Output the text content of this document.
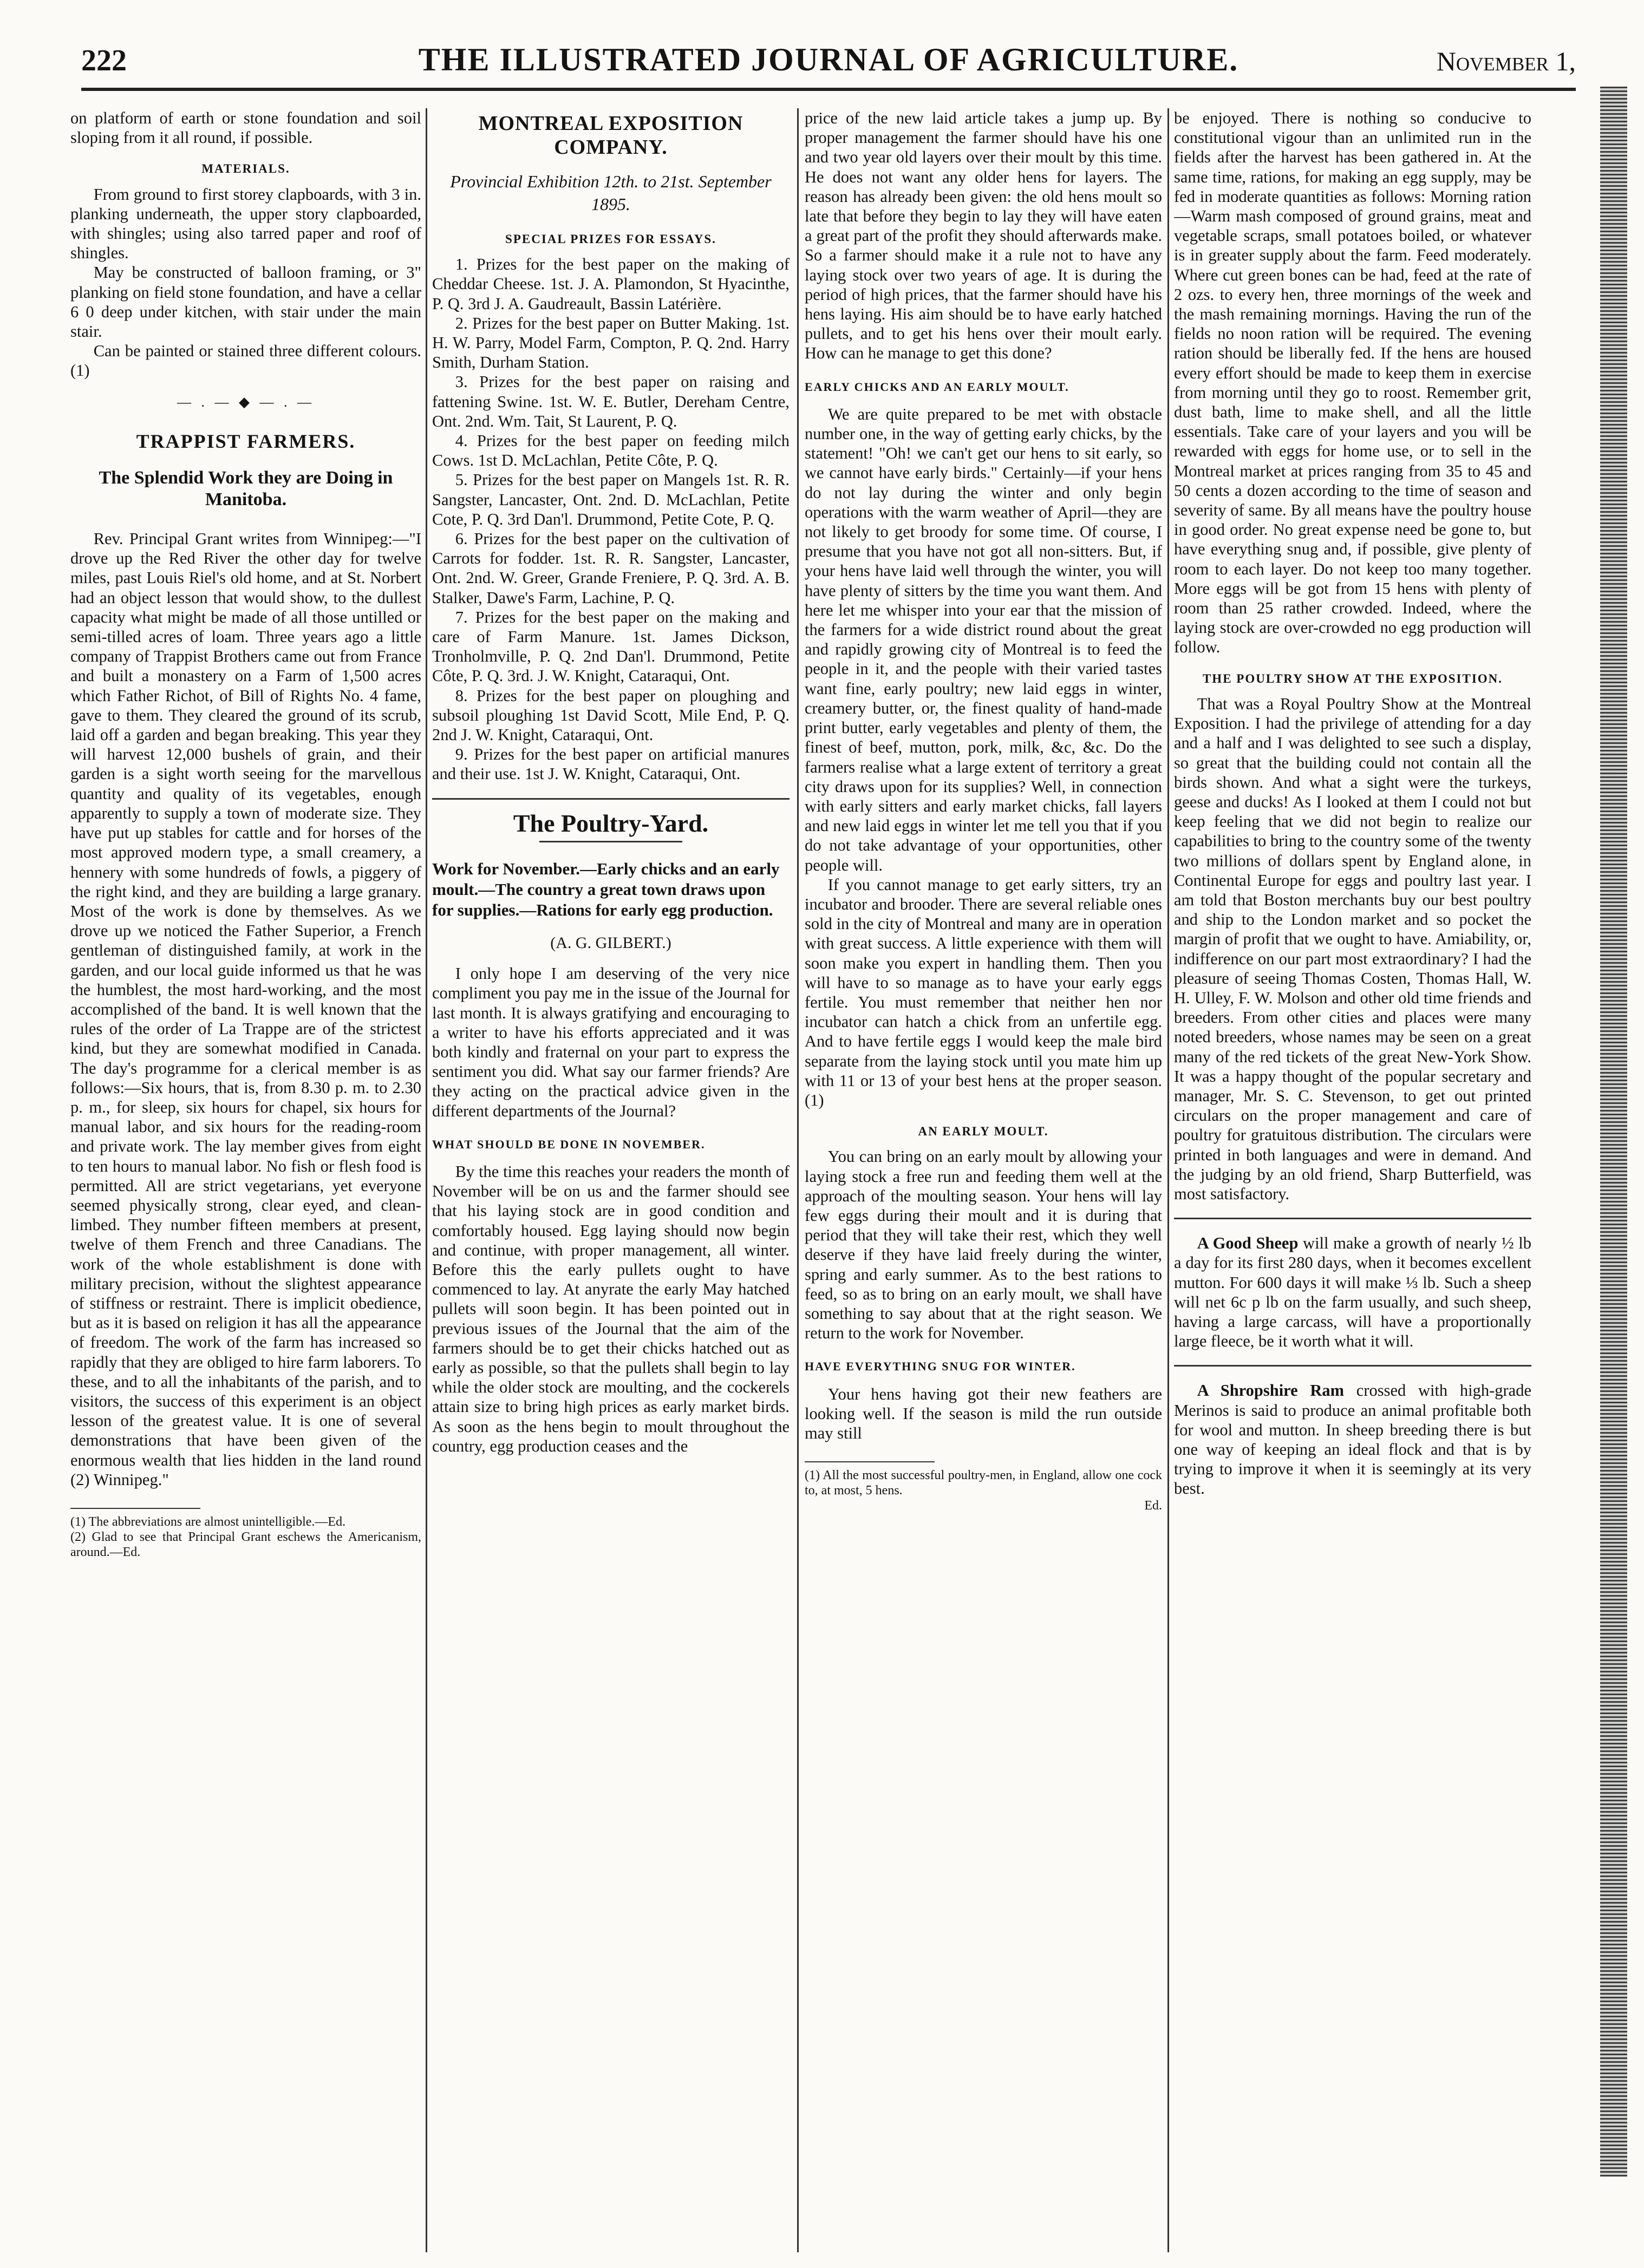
222	THE ILLUSTRATED JOURNAL OF AGRICULTURE.	November 1,

on platform of earth or stone foundation and soil sloping from it all round, if possible.

MATERIALS.

From ground to first storey clapboards, with 3 in. planking underneath, the upper story clapboarded, with shingles; using also tarred paper and roof of shingles.

May be constructed of balloon framing, or 3" planking on field stone foundation, and have a cellar 6 0 deep under kitchen, with stair under the main stair.

Can be painted or stained three different colours. (1)

— . — ◆ — . —
TRAPPIST FARMERS.
The Splendid Work they are Doing in Manitoba.

Rev. Principal Grant writes from Winnipeg:—"I drove up the Red River the other day for twelve miles, past Louis Riel's old home, and at St. Norbert had an object lesson that would show, to the dullest capacity what might be made of all those untilled or semi-tilled acres of loam. Three years ago a little company of Trappist Brothers came out from France and built a monastery on a Farm of 1,500 acres which Father Richot, of Bill of Rights No. 4 fame, gave to them. They cleared the ground of its scrub, laid off a garden and began breaking. This year they will harvest 12,000 bushels of grain, and their garden is a sight worth seeing for the marvellous quantity and quality of its vegetables, enough apparently to supply a town of moderate size. They have put up stables for cattle and for horses of the most approved modern type, a small creamery, a hennery with some hundreds of fowls, a piggery of the right kind, and they are building a large granary. Most of the work is done by themselves. As we drove up we noticed the Father Superior, a French gentleman of distinguished family, at work in the garden, and our local guide informed us that he was the humblest, the most hard-working, and the most accomplished of the band. It is well known that the rules of the order of La Trappe are of the strictest kind, but they are somewhat modified in Canada. The day's programme for a clerical member is as follows:—Six hours, that is, from 8.30 p. m. to 2.30 p. m., for sleep, six hours for chapel, six hours for manual labor, and six hours for the reading-room and private work. The lay member gives from eight to ten hours to manual labor. No fish or flesh food is permitted. All are strict vegetarians, yet everyone seemed physically strong, clear eyed, and clean-limbed. They number fifteen members at present, twelve of them French and three Canadians. The work of the whole establishment is done with military precision, without the slightest appearance of stiffness or restraint. There is implicit obedience, but as it is based on religion it has all the appearance of freedom. The work of the farm has increased so rapidly that they are obliged to hire farm laborers. To these, and to all the inhabitants of the parish, and to visitors, the success of this experiment is an object lesson of the greatest value. It is one of several demonstrations that have been given of the enormous wealth that lies hidden in the land round (2) Winnipeg."

(1) The abbreviations are almost unintelligible.—Ed.

(2) Glad to see that Principal Grant eschews the Americanism, around.—Ed.

MONTREAL EXPOSITION COMPANY.
Provincial Exhibition 12th. to 21st. September 1895.
SPECIAL PRIZES FOR ESSAYS.

1. Prizes for the best paper on the making of Cheddar Cheese. 1st. J. A. Plamondon, St Hyacinthe, P. Q. 3rd J. A. Gaudreault, Bassin Latérière.

2. Prizes for the best paper on Butter Making. 1st. H. W. Parry, Model Farm, Compton, P. Q. 2nd. Harry Smith, Durham Station.

3. Prizes for the best paper on raising and fattening Swine. 1st. W. E. Butler, Dereham Centre, Ont. 2nd. Wm. Tait, St Laurent, P. Q.

4. Prizes for the best paper on feeding milch Cows. 1st D. McLachlan, Petite Côte, P. Q.

5. Prizes for the best paper on Mangels 1st. R. R. Sangster, Lancaster, Ont. 2nd. D. McLachlan, Petite Cote, P. Q. 3rd Dan'l. Drummond, Petite Cote, P. Q.

6. Prizes for the best paper on the cultivation of Carrots for fodder. 1st. R. R. Sangster, Lancaster, Ont. 2nd. W. Greer, Grande Freniere, P. Q. 3rd. A. B. Stalker, Dawe's Farm, Lachine, P. Q.

7. Prizes for the best paper on the making and care of Farm Manure. 1st. James Dickson, Tronholmville, P. Q. 2nd Dan'l. Drummond, Petite Côte, P. Q. 3rd. J. W. Knight, Cataraqui, Ont.

8. Prizes for the best paper on ploughing and subsoil ploughing 1st David Scott, Mile End, P. Q. 2nd J. W. Knight, Cataraqui, Ont.

9. Prizes for the best paper on artificial manures and their use. 1st J. W. Knight, Cataraqui, Ont.

The Poultry-Yard.
Work for November.—Early chicks and an early moult.—The country a great town draws upon for supplies.—Rations for early egg production.
(A. G. GILBERT.)

I only hope I am deserving of the very nice compliment you pay me in the issue of the Journal for last month. It is always gratifying and encouraging to a writer to have his efforts appreciated and it was both kindly and fraternal on your part to express the sentiment you did. What say our farmer friends? Are they acting on the practical advice given in the different departments of the Journal?

WHAT SHOULD BE DONE IN NOVEMBER.

By the time this reaches your readers the month of November will be on us and the farmer should see that his laying stock are in good condition and comfortably housed. Egg laying should now begin and continue, with proper management, all winter. Before this the early pullets ought to have commenced to lay. At anyrate the early May hatched pullets will soon begin. It has been pointed out in previous issues of the Journal that the aim of the farmers should be to get their chicks hatched out as early as possible, so that the pullets shall begin to lay while the older stock are moulting, and the cockerels attain size to bring high prices as early market birds. As soon as the hens begin to moult throughout the country, egg production ceases and the

price of the new laid article takes a jump up. By proper management the farmer should have his one and two year old layers over their moult by this time. He does not want any older hens for layers. The reason has already been given: the old hens moult so late that before they begin to lay they will have eaten a great part of the profit they should afterwards make. So a farmer should make it a rule not to have any laying stock over two years of age. It is during the period of high prices, that the farmer should have his hens laying. His aim should be to have early hatched pullets, and to get his hens over their moult early. How can he manage to get this done?

EARLY CHICKS AND AN EARLY MOULT.

We are quite prepared to be met with obstacle number one, in the way of getting early chicks, by the statement! "Oh! we can't get our hens to sit early, so we cannot have early birds." Certainly—if your hens do not lay during the winter and only begin operations with the warm weather of April—they are not likely to get broody for some time. Of course, I presume that you have not got all non-sitters. But, if your hens have laid well through the winter, you will have plenty of sitters by the time you want them. And here let me whisper into your ear that the mission of the farmers for a wide district round about the great and rapidly growing city of Montreal is to feed the people in it, and the people with their varied tastes want fine, early poultry; new laid eggs in winter, creamery butter, or, the finest quality of hand-made print butter, early vegetables and plenty of them, the finest of beef, mutton, pork, milk, &c, &c. Do the farmers realise what a large extent of territory a great city draws upon for its supplies? Well, in connection with early sitters and early market chicks, fall layers and new laid eggs in winter let me tell you that if you do not take advantage of your opportunities, other people will.

If you cannot manage to get early sitters, try an incubator and brooder. There are several reliable ones sold in the city of Montreal and many are in operation with great success. A little experience with them will soon make you expert in handling them. Then you will have to so manage as to have your early eggs fertile. You must remember that neither hen nor incubator can hatch a chick from an unfertile egg. And to have fertile eggs I would keep the male bird separate from the laying stock until you mate him up with 11 or 13 of your best hens at the proper season. (1)

AN EARLY MOULT.

You can bring on an early moult by allowing your laying stock a free run and feeding them well at the approach of the moulting season. Your hens will lay few eggs during their moult and it is during that period that they will take their rest, which they well deserve if they have laid freely during the winter, spring and early summer. As to the best rations to feed, so as to bring on an early moult, we shall have something to say about that at the right season. We return to the work for November.

HAVE EVERYTHING SNUG FOR WINTER.

Your hens having got their new feathers are looking well. If the season is mild the run outside may still

(1) All the most successful poultry-men, in England, allow one cock to, at most, 5 hens.

Ed.

be enjoyed. There is nothing so conducive to constitutional vigour than an unlimited run in the fields after the harvest has been gathered in. At the same time, rations, for making an egg supply, may be fed in moderate quantities as follows: Morning ration—Warm mash composed of ground grains, meat and vegetable scraps, small potatoes boiled, or whatever is in greater supply about the farm. Feed moderately. Where cut green bones can be had, feed at the rate of 2 ozs. to every hen, three mornings of the week and the mash remaining mornings. Having the run of the fields no noon ration will be required. The evening ration should be liberally fed. If the hens are housed every effort should be made to keep them in exercise from morning until they go to roost. Remember grit, dust bath, lime to make shell, and all the little essentials. Take care of your layers and you will be rewarded with eggs for home use, or to sell in the Montreal market at prices ranging from 35 to 45 and 50 cents a dozen according to the time of season and severity of same. By all means have the poultry house in good order. No great expense need be gone to, but have everything snug and, if possible, give plenty of room to each layer. Do not keep too many together. More eggs will be got from 15 hens with plenty of room than 25 rather crowded. Indeed, where the laying stock are over-crowded no egg production will follow.

THE POULTRY SHOW AT THE EXPOSITION.

That was a Royal Poultry Show at the Montreal Exposition. I had the privilege of attending for a day and a half and I was delighted to see such a display, so great that the building could not contain all the birds shown. And what a sight were the turkeys, geese and ducks! As I looked at them I could not but keep feeling that we did not begin to realize our capabilities to bring to the country some of the twenty two millions of dollars spent by England alone, in Continental Europe for eggs and poultry last year. I am told that Boston merchants buy our best poultry and ship to the London market and so pocket the margin of profit that we ought to have. Amiability, or, indifference on our part most extraordinary? I had the pleasure of seeing Thomas Costen, Thomas Hall, W. H. Ulley, F. W. Molson and other old time friends and breeders. From other cities and places were many noted breeders, whose names may be seen on a great many of the red tickets of the great New-York Show. It was a happy thought of the popular secretary and manager, Mr. S. C. Stevenson, to get out printed circulars on the proper management and care of poultry for gratuitous distribution. The circulars were printed in both languages and were in demand. And the judging by an old friend, Sharp Butterfield, was most satisfactory.

A Good Sheep will make a growth of nearly ½ lb a day for its first 280 days, when it becomes excellent mutton. For 600 days it will make ⅓ lb. Such a sheep will net 6c p lb on the farm usually, and such sheep, having a large carcass, will have a proportionally large fleece, be it worth what it will.

A Shropshire Ram crossed with high-grade Merinos is said to produce an animal profitable both for wool and mutton. In sheep breeding there is but one way of keeping an ideal flock and that is by trying to improve it when it is seemingly at its very best.
